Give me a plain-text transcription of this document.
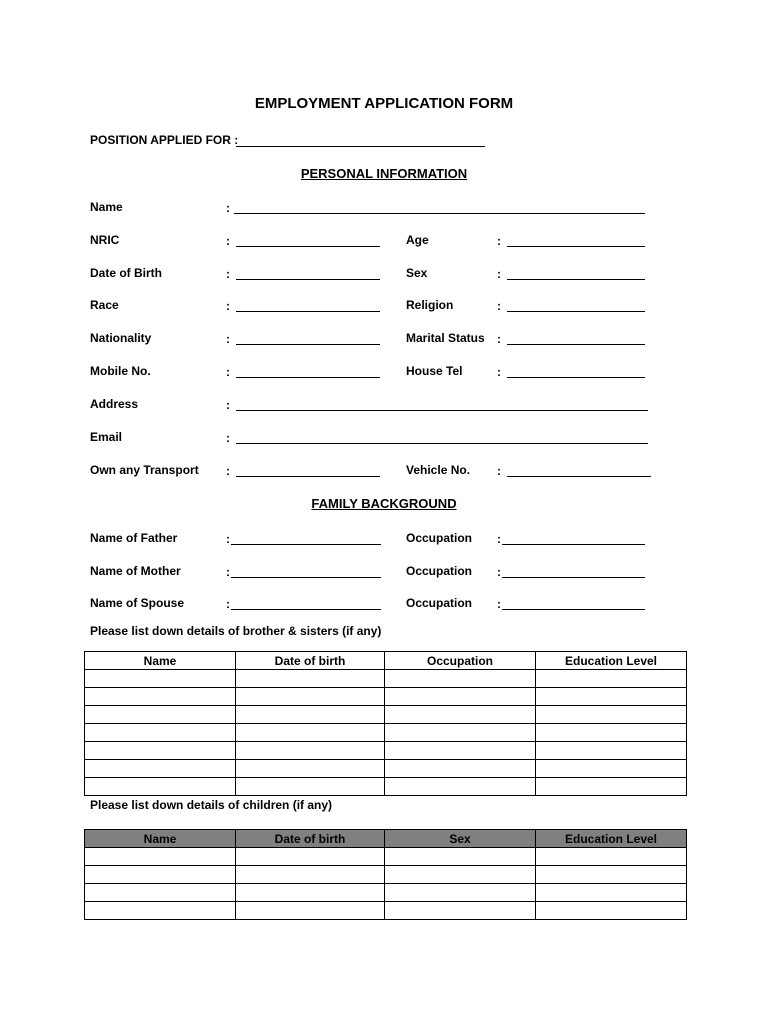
EMPLOYMENT APPLICATION FORM
POSITION APPLIED FOR :
PERSONAL INFORMATION
Name	:
NRIC	:	Age	:
Date of Birth	:	Sex	:
Race	:	Religion	:
Nationality	:	Marital Status :
Mobile No.	:	House Tel	:
Address	:
Email	:
Own any Transport :	Vehicle No. :
FAMILY BACKGROUND
Name of Father	:	Occupation :
Name of Mother	:	Occupation :
Name of Spouse	:	Occupation :
Please list down details of brother & sisters (if any)
Name	Date of birth	Occupation	Education Level

Please list down details of children (if any)
Name	Date of birth	Sex	Education Level
